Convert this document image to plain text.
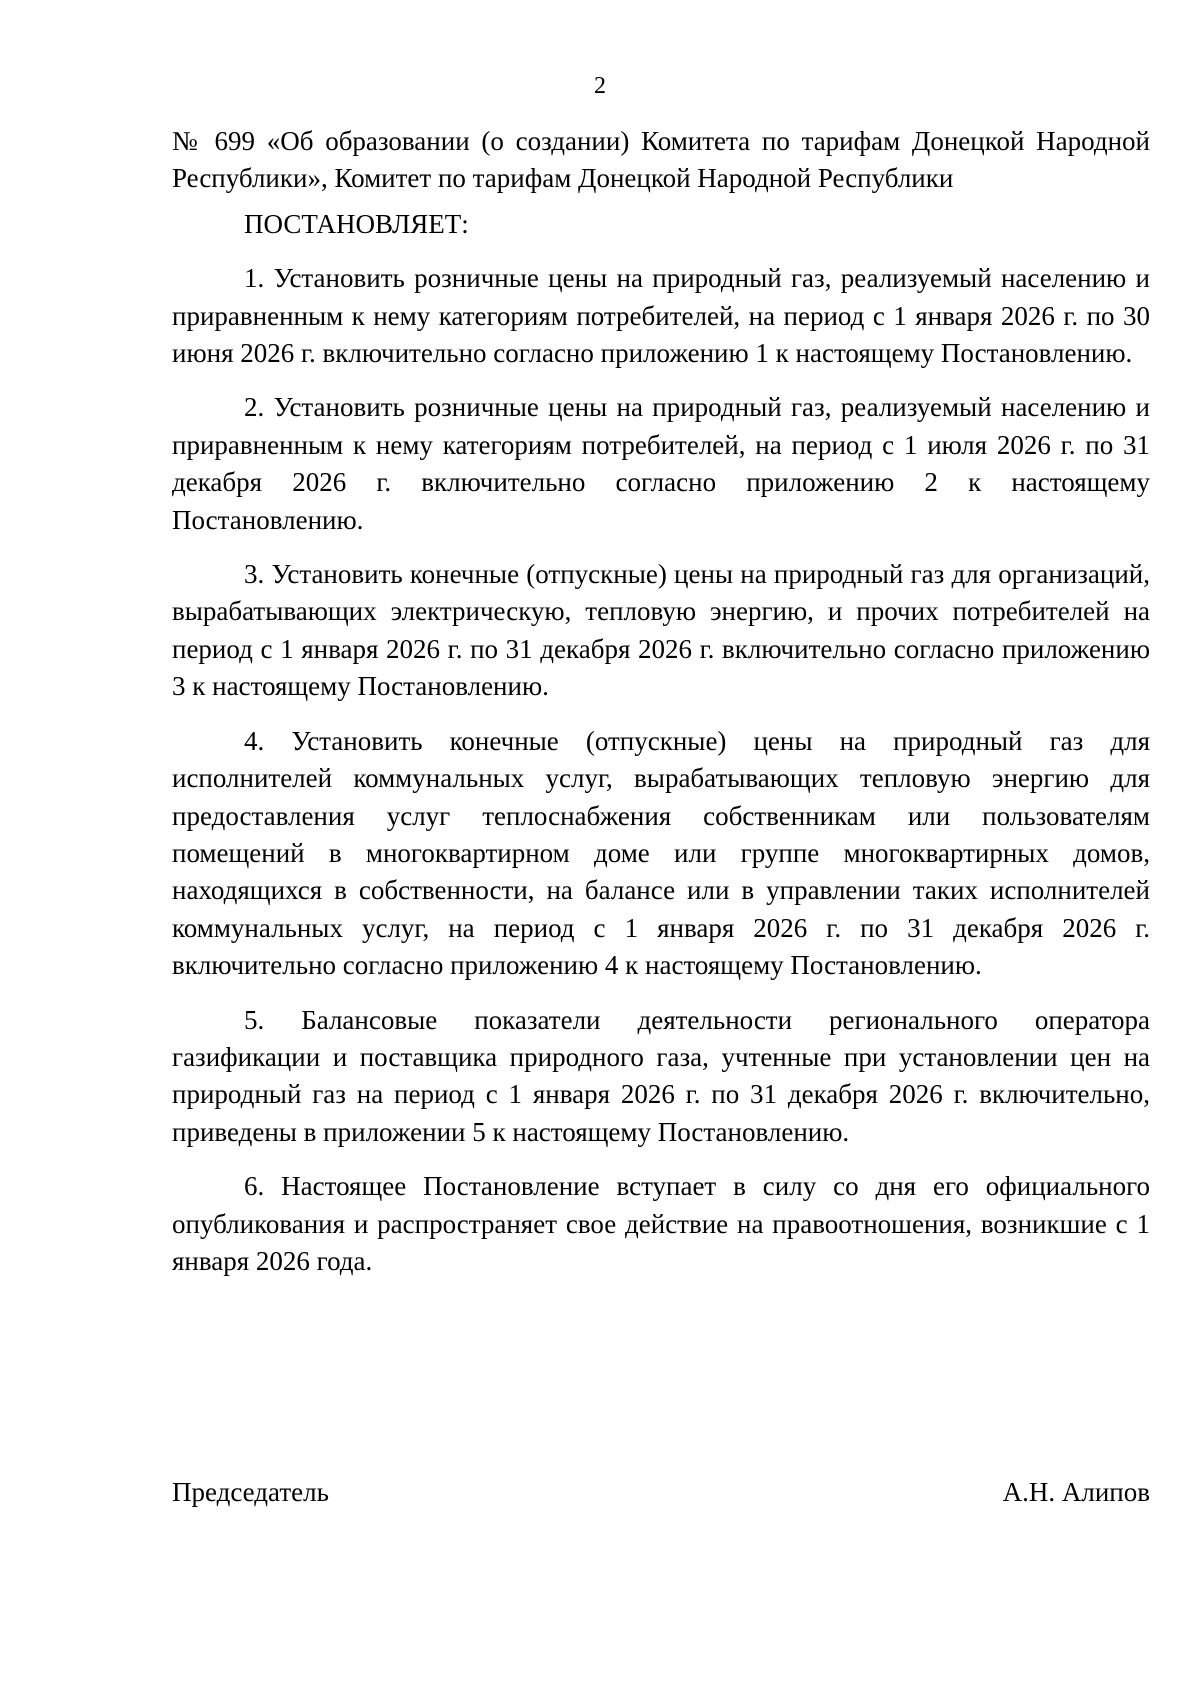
2

№ 699 «Об образовании (о создании) Комитета по тарифам Донецкой Народной Республики», Комитет по тарифам Донецкой Народной Республики

ПОСТАНОВЛЯЕТ:

1. Установить розничные цены на природный газ, реализуемый населению и приравненным к нему категориям потребителей, на период с 1 января 2026 г. по 30 июня 2026 г. включительно согласно приложению 1 к настоящему Постановлению.

2. Установить розничные цены на природный газ, реализуемый населению и приравненным к нему категориям потребителей, на период с 1 июля 2026 г. по 31 декабря 2026 г. включительно согласно приложению 2 к настоящему Постановлению.

3. Установить конечные (отпускные) цены на природный газ для организаций, вырабатывающих электрическую, тепловую энергию, и прочих потребителей на период с 1 января 2026 г. по 31 декабря 2026 г. включительно согласно приложению 3 к настоящему Постановлению.

4. Установить конечные (отпускные) цены на природный газ для исполнителей коммунальных услуг, вырабатывающих тепловую энергию для предоставления услуг теплоснабжения собственникам или пользователям помещений в многоквартирном доме или группе многоквартирных домов, находящихся в собственности, на балансе или в управлении таких исполнителей коммунальных услуг, на период с 1 января 2026 г. по 31 декабря 2026 г. включительно согласно приложению 4 к настоящему Постановлению.

5. Балансовые показатели деятельности регионального оператора газификации и поставщика природного газа, учтенные при установлении цен на природный газ на период с 1 января 2026 г. по 31 декабря 2026 г. включительно, приведены в приложении 5 к настоящему Постановлению.

6. Настоящее Постановление вступает в силу со дня его официального опубликования и распространяет свое действие на правоотношения, возникшие с 1 января 2026 года.

Председатель	А.Н. Алипов
